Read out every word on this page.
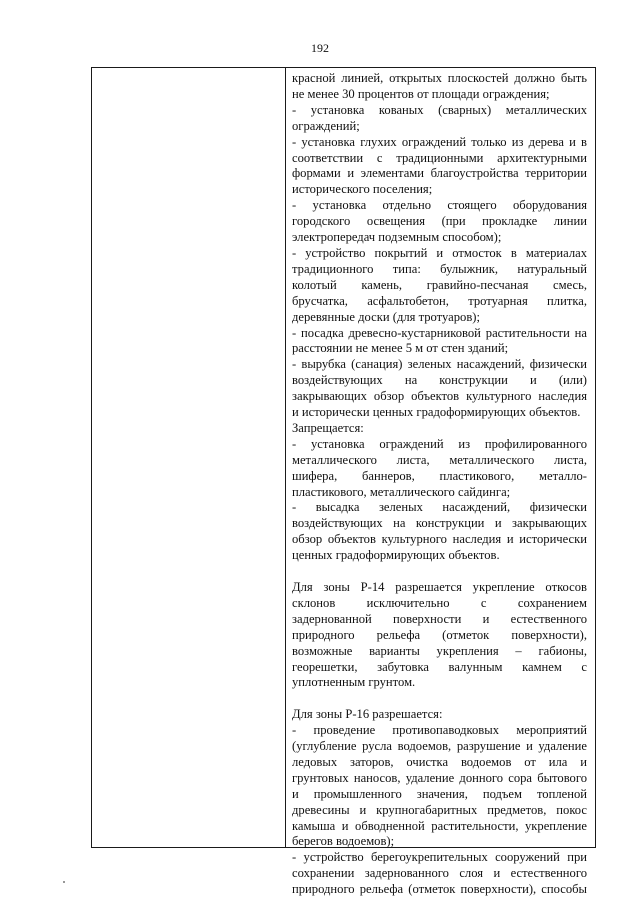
192

красной линией, открытых плоскостей должно быть

не менее 30 процентов от площади ограждения;

- установка кованых (сварных) металлических

ограждений;

- установка глухих ограждений только из дерева и в

соответствии с традиционными архитектурными

формами и элементами благоустройства территории

исторического поселения;

- установка отдельно стоящего оборудования

городского освещения (при прокладке линии

электропередач подземным способом);

- устройство покрытий и отмосток в материалах

традиционного типа: булыжник, натуральный

колотый камень, гравийно-песчаная смесь,

брусчатка, асфальтобетон, тротуарная плитка,

деревянные доски (для тротуаров);

- посадка древесно-кустарниковой растительности на

расстоянии не менее 5 м от стен зданий;

- вырубка (санация) зеленых насаждений, физически

воздействующих на конструкции и (или)

закрывающих обзор объектов культурного наследия

и исторически ценных градоформирующих объектов.

Запрещается:

- установка ограждений из профилированного

металлического листа, металлического листа,

шифера, баннеров, пластикового, металло-

пластикового, металлического сайдинга;

- высадка зеленых насаждений, физически

воздействующих на конструкции и закрывающих

обзор объектов культурного наследия и исторически

ценных градоформирующих объектов.

Для зоны Р-14 разрешается укрепление откосов

склонов исключительно с сохранением

задернованной поверхности и естественного

природного рельефа (отметок поверхности),

возможные варианты укрепления – габионы,

георешетки, забутовка валунным камнем с

уплотненным грунтом.

Для зоны Р-16 разрешается:

- проведение противопаводковых мероприятий

(углубление русла водоемов, разрушение и удаление

ледовых заторов, очистка водоемов от ила и

грунтовых наносов, удаление донного сора бытового

и промышленного значения, подъем топленой

древесины и крупногабаритных предметов, покос

камыша и обводненной растительности, укрепление

берегов водоемов);

- устройство берегоукрепительных сооружений при

сохранении задернованного слоя и естественного

природного рельефа (отметок поверхности), способы
